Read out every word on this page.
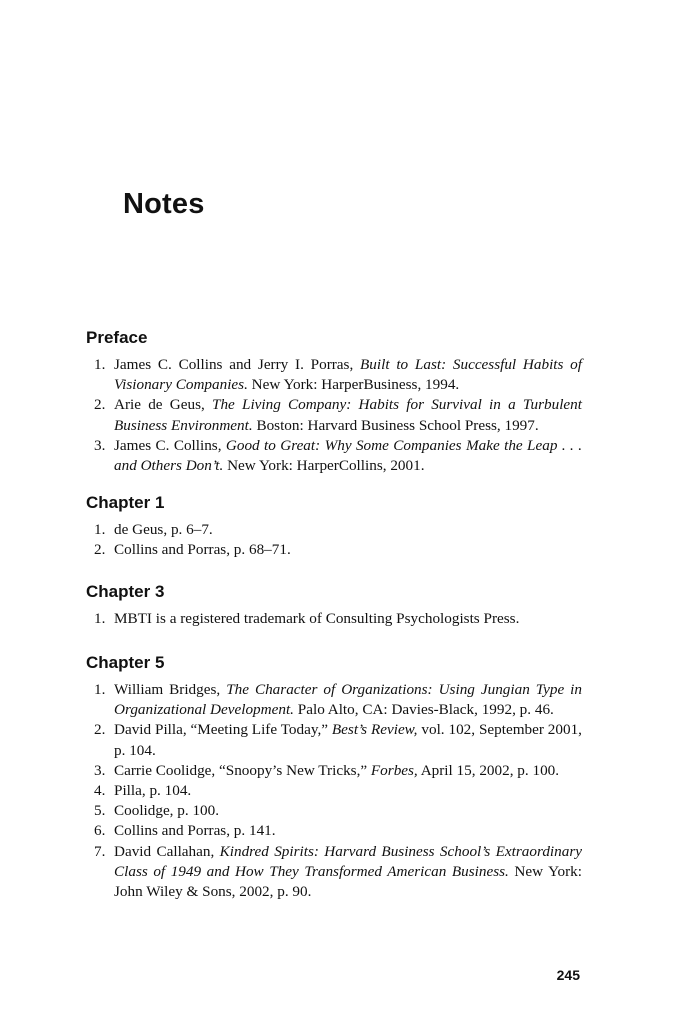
Notes
Preface
1. James C. Collins and Jerry I. Porras, Built to Last: Successful Habits of Visionary Companies. New York: HarperBusiness, 1994.
2. Arie de Geus, The Living Company: Habits for Survival in a Turbulent Business Environment. Boston: Harvard Business School Press, 1997.
3. James C. Collins, Good to Great: Why Some Companies Make the Leap . . . and Others Don’t. New York: HarperCollins, 2001.
Chapter 1
1. de Geus, p. 6–7.
2. Collins and Porras, p. 68–71.
Chapter 3
1. MBTI is a registered trademark of Consulting Psychologists Press.
Chapter 5
1. William Bridges, The Character of Organizations: Using Jungian Type in Organizational Development. Palo Alto, CA: Davies-Black, 1992, p. 46.
2. David Pilla, “Meeting Life Today,” Best’s Review, vol. 102, September 2001, p. 104.
3. Carrie Coolidge, “Snoopy’s New Tricks,” Forbes, April 15, 2002, p. 100.
4. Pilla, p. 104.
5. Coolidge, p. 100.
6. Collins and Porras, p. 141.
7. David Callahan, Kindred Spirits: Harvard Business School’s Extraordinary Class of 1949 and How They Transformed American Business. New York: John Wiley & Sons, 2002, p. 90.
245
